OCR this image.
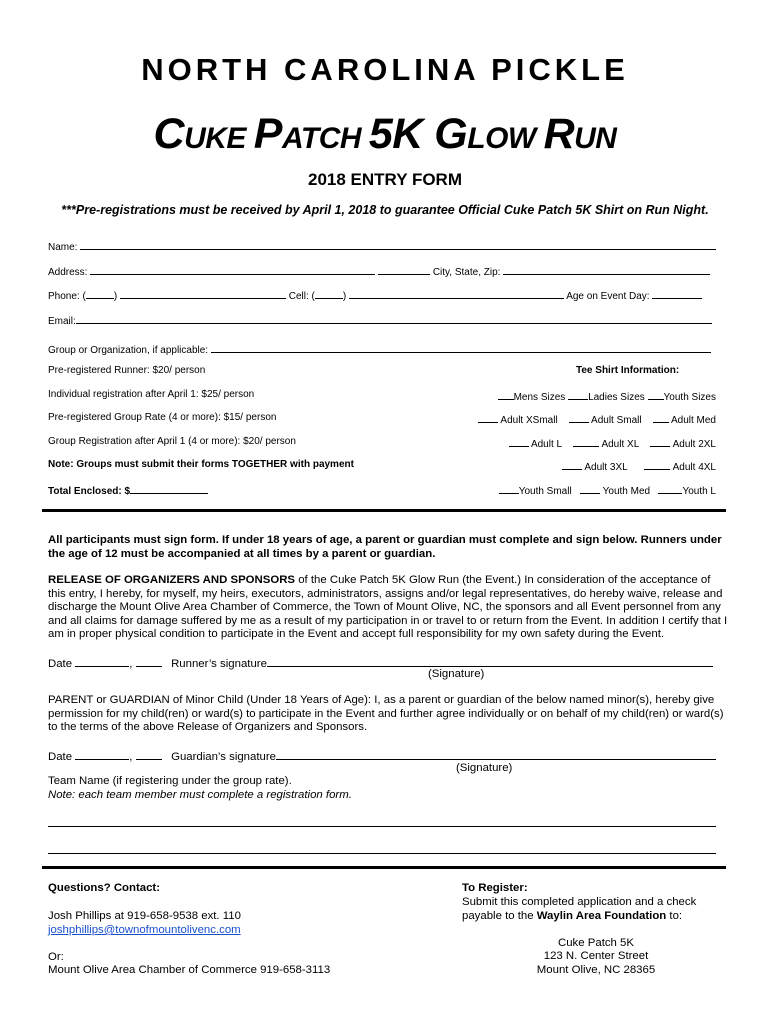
NORTH CAROLINA PICKLE
CUKE PATCH 5K GLOW RUN
2018 ENTRY FORM
***Pre-registrations must be received by April 1, 2018 to guarantee Official Cuke Patch 5K Shirt on Run Night.
Name:
Address:	City, State, Zip:
Phone: (	)	Cell: (	)	Age on Event Day:
Email:
Group or Organization, if applicable:
Pre-registered Runner: $20/ person
Individual registration after April 1: $25/ person
Pre-registered Group Rate (4 or more): $15/ person
Group Registration after April 1 (4 or more): $20/ person
Note: Groups must submit their forms TOGETHER with payment
Total Enclosed: $
Tee Shirt Information:
Mens Sizes Ladies Sizes Youth Sizes
Adult XSmall	Adult Small	Adult Med
Adult L	Adult XL	Adult 2XL
Adult 3XL	Adult 4XL
Youth Small	Youth Med	Youth L
All participants must sign form. If under 18 years of age, a parent or guardian must complete and sign below. Runners under the age of 12 must be accompanied at all times by a parent or guardian.
RELEASE OF ORGANIZERS AND SPONSORS of the Cuke Patch 5K Glow Run (the Event.) In consideration of the acceptance of this entry, I hereby, for myself, my heirs, executors, administrators, assigns and/or legal representatives, do hereby waive, release and discharge the Mount Olive Area Chamber of Commerce, the Town of Mount Olive, NC, the sponsors and all Event personnel from any and all claims for damage suffered by me as a result of my participation in or travel to or return from the Event. In addition I certify that I am in proper physical condition to participate in the Event and accept full responsibility for my own safety during the Event.
Date	,	Runner’s signature
(Signature)
PARENT or GUARDIAN of Minor Child (Under 18 Years of Age): I, as a parent or guardian of the below named minor(s), hereby give permission for my child(ren) or ward(s) to participate in the Event and further agree individually or on behalf of my child(ren) or ward(s) to the terms of the above Release of Organizers and Sponsors.
Date	,	Guardian’s signature
(Signature)
Team Name (if registering under the group rate).
Note: each team member must complete a registration form.
Questions? Contact:
Josh Phillips at 919-658-9538 ext. 110
joshphillips@townofmountolivenc.com
Or:
Mount Olive Area Chamber of Commerce 919-658-3113
To Register:
Submit this completed application and a check
payable to the Waylin Area Foundation to:
Cuke Patch 5K
123 N. Center Street
Mount Olive, NC 28365
